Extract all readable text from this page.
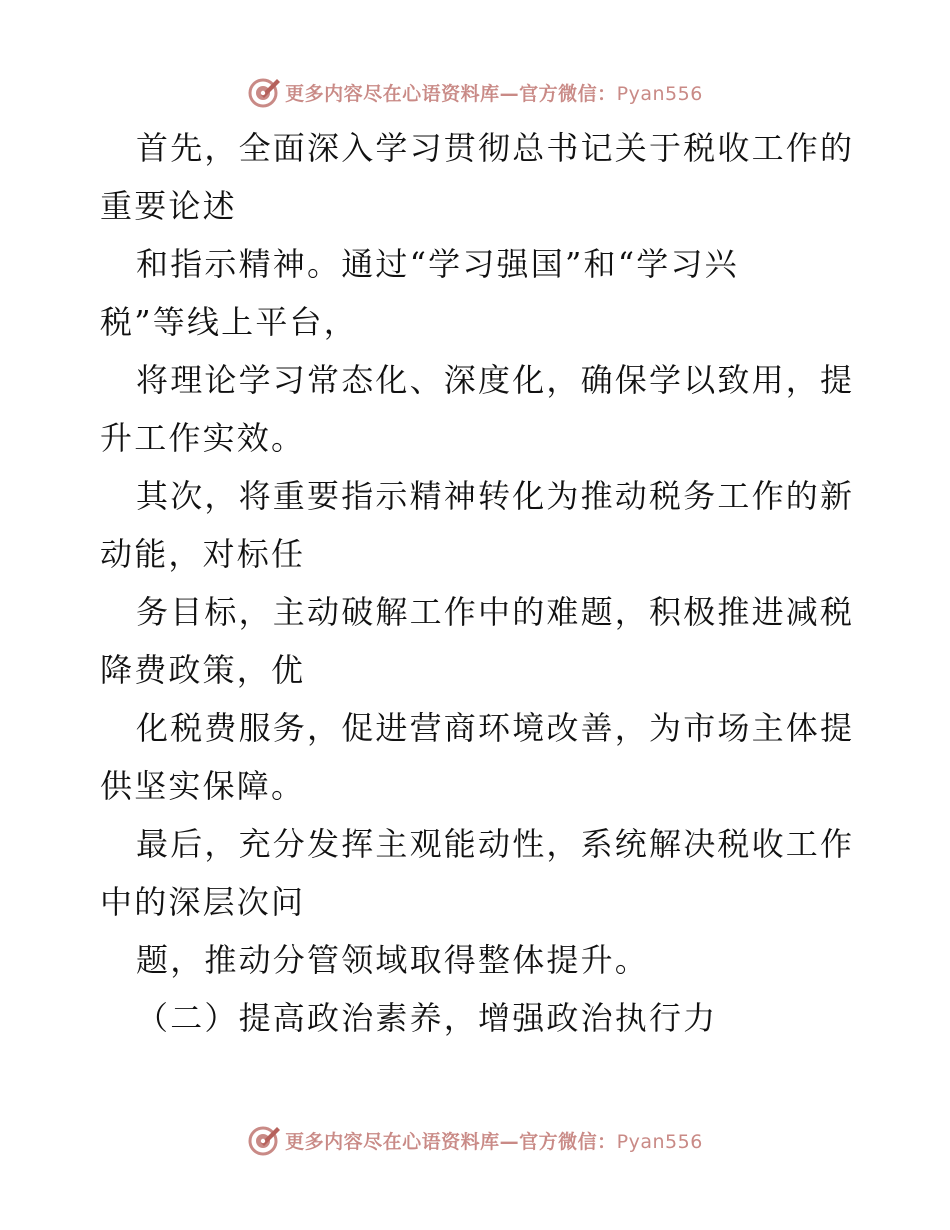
更多内容尽在心语资料库—官方微信：Pyan556
首先，全面深入学习贯彻总书记关于税收工作的
重要论述
和指示精神。通过“学习强国”和“学习兴
税”等线上平台，
将理论学习常态化、深度化，确保学以致用，提
升工作实效。
其次，将重要指示精神转化为推动税务工作的新
动能，对标任
务目标，主动破解工作中的难题，积极推进减税
降费政策，优
化税费服务，促进营商环境改善，为市场主体提
供坚实保障。
最后，充分发挥主观能动性，系统解决税收工作
中的深层次问
题，推动分管领域取得整体提升。
（二）提高政治素养，增强政治执行力
更多内容尽在心语资料库—官方微信：Pyan556
